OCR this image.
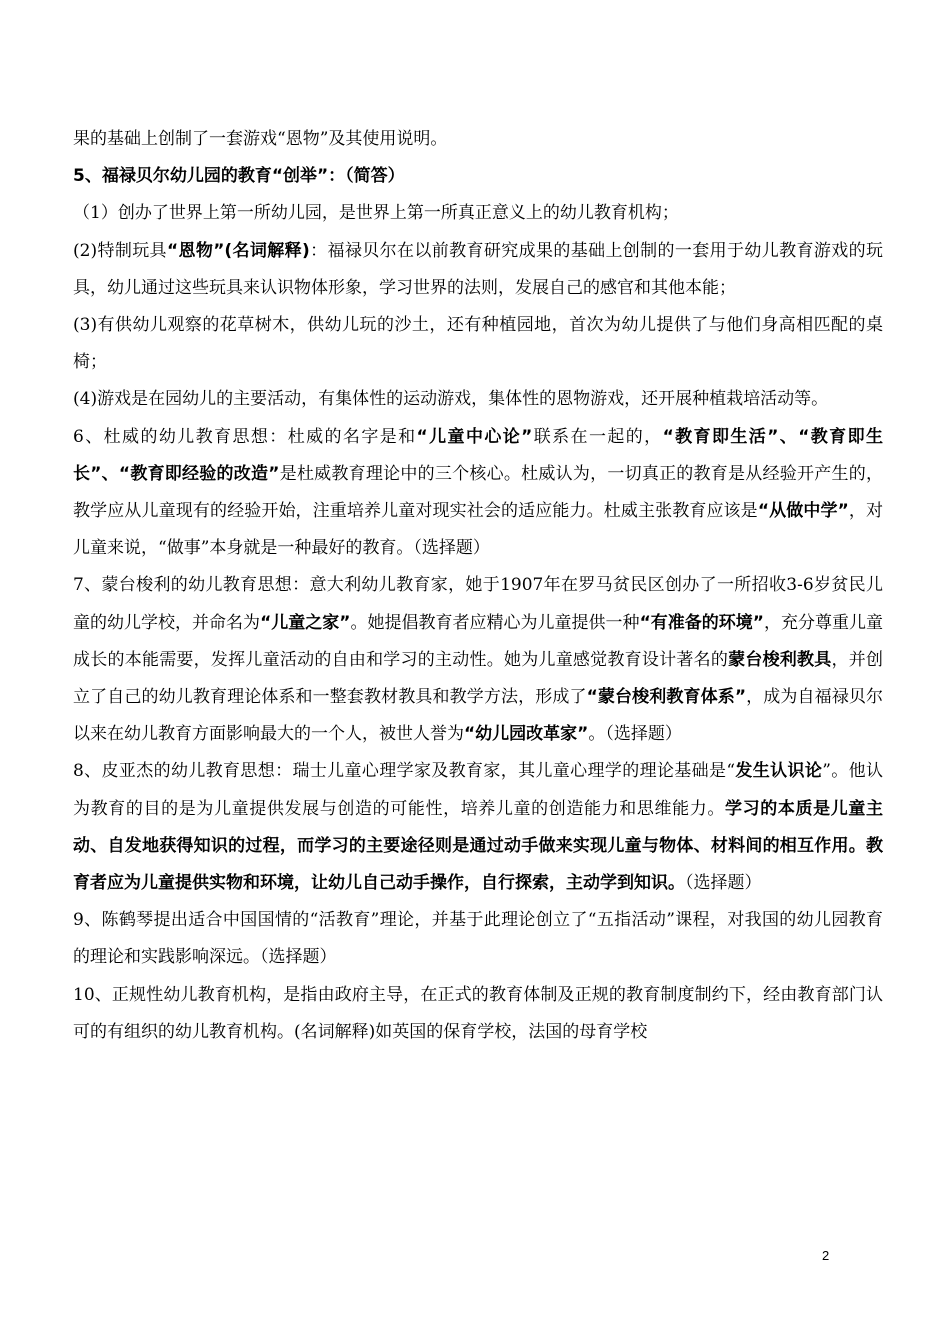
果的基础上创制了一套游戏“恩物”及其使用说明。

5、福禄贝尔幼儿园的教育“创举”：（简答）

（1）创办了世界上第一所幼儿园，是世界上第一所真正意义上的幼儿教育机构；

(2)特制玩具“恩物”(名词解释)：福禄贝尔在以前教育研究成果的基础上创制的一套用于幼儿教育游戏的玩具，幼儿通过这些玩具来认识物体形象，学习世界的法则，发展自己的感官和其他本能；

(3)有供幼儿观察的花草树木，供幼儿玩的沙土，还有种植园地，首次为幼儿提供了与他们身高相匹配的桌椅；

(4)游戏是在园幼儿的主要活动，有集体性的运动游戏，集体性的恩物游戏，还开展种植栽培活动等。

6、杜威的幼儿教育思想：杜威的名字是和“儿童中心论”联系在一起的，“教育即生活”、“教育即生长”、“教育即经验的改造”是杜威教育理论中的三个核心。杜威认为，一切真正的教育是从经验开产生的，教学应从儿童现有的经验开始，注重培养儿童对现实社会的适应能力。杜威主张教育应该是“从做中学”，对儿童来说，“做事”本身就是一种最好的教育。（选择题）

7、蒙台梭利的幼儿教育思想：意大利幼儿教育家，她于1907年在罗马贫民区创办了一所招收3-6岁贫民儿童的幼儿学校，并命名为“儿童之家”。她提倡教育者应精心为儿童提供一种“有准备的环境”，充分尊重儿童成长的本能需要，发挥儿童活动的自由和学习的主动性。她为儿童感觉教育设计著名的蒙台梭利教具，并创立了自己的幼儿教育理论体系和一整套教材教具和教学方法，形成了“蒙台梭利教育体系”，成为自福禄贝尔以来在幼儿教育方面影响最大的一个人，被世人誉为“幼儿园改革家”。（选择题）

8、皮亚杰的幼儿教育思想：瑞士儿童心理学家及教育家，其儿童心理学的理论基础是“发生认识论”。他认为教育的目的是为儿童提供发展与创造的可能性，培养儿童的创造能力和思维能力。学习的本质是儿童主动、自发地获得知识的过程，而学习的主要途径则是通过动手做来实现儿童与物体、材料间的相互作用。教育者应为儿童提供实物和环境，让幼儿自己动手操作，自行探索，主动学到知识。（选择题）

9、陈鹤琴提出适合中国国情的“活教育”理论，并基于此理论创立了“五指活动”课程，对我国的幼儿园教育的理论和实践影响深远。（选择题）

10、正规性幼儿教育机构，是指由政府主导，在正式的教育体制及正规的教育制度制约下，经由教育部门认可的有组织的幼儿教育机构。(名词解释)如英国的保育学校，法国的母育学校

2
